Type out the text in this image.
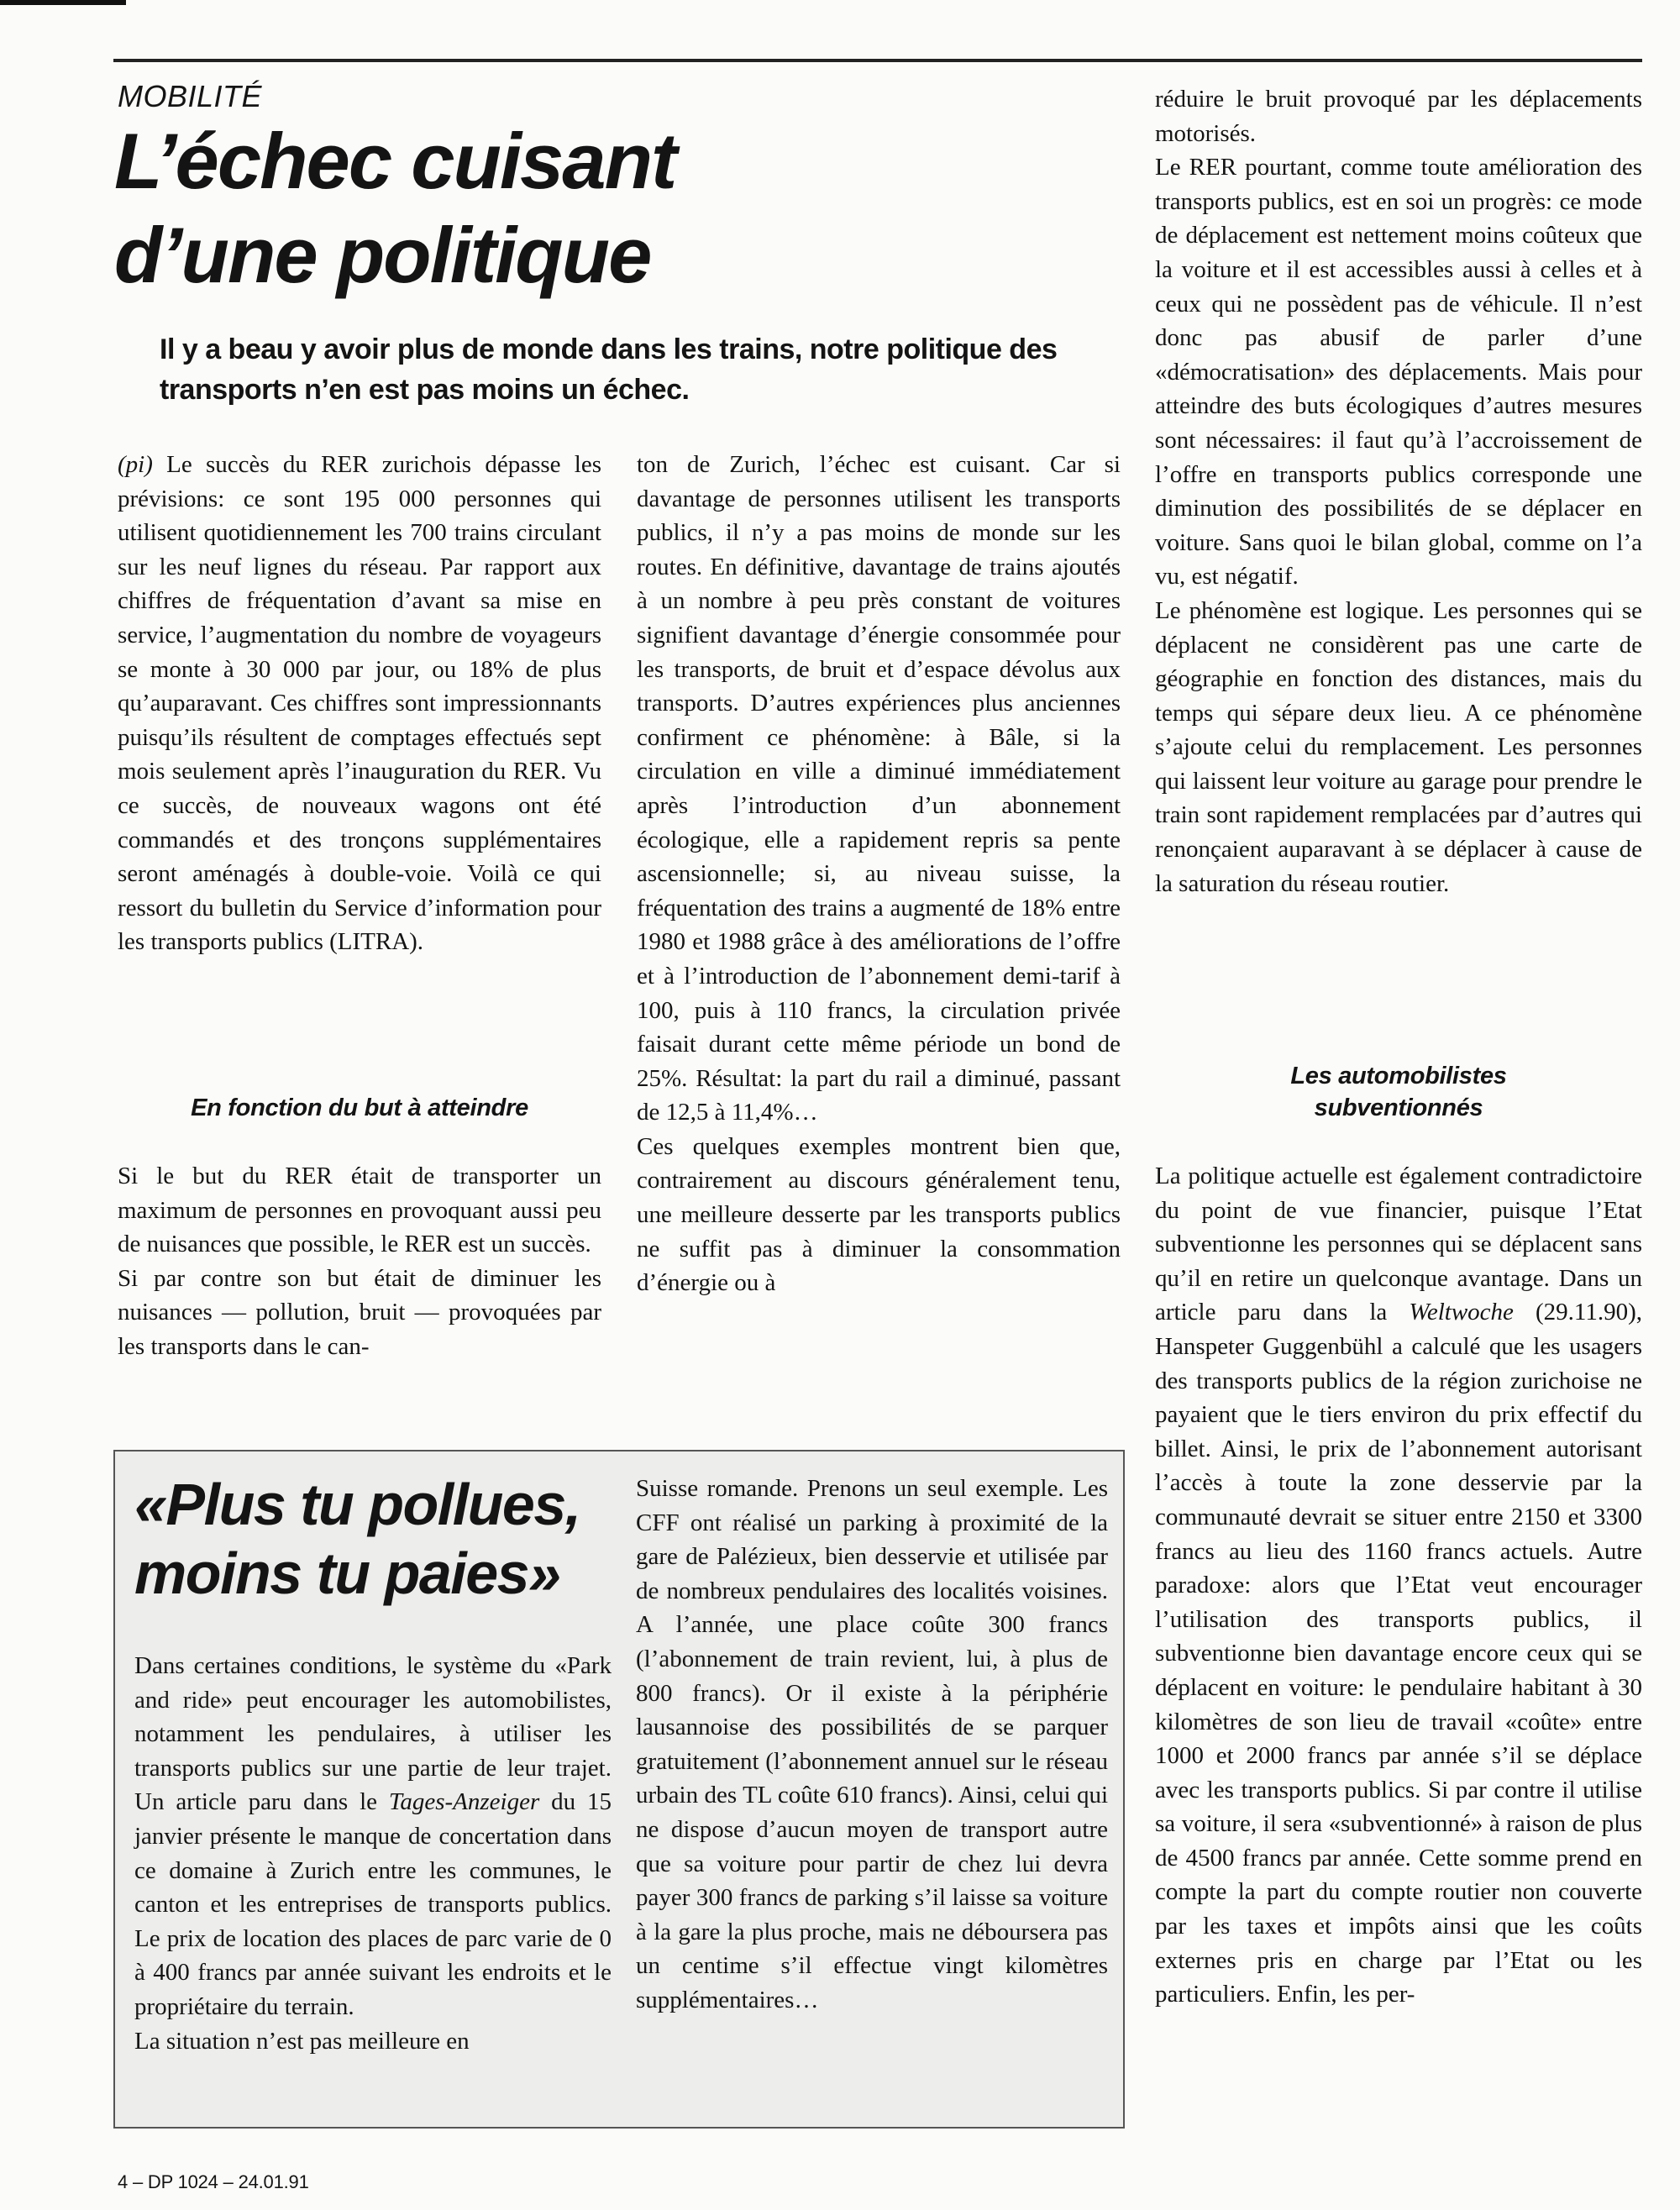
MOBILITÉ
L’échec cuisant
d’une politique
Il y a beau y avoir plus de monde dans les trains, notre politique des transports n’en est pas moins un échec.
(pi) Le succès du RER zurichois dépasse les prévisions: ce sont 195 000 personnes qui utilisent quotidiennement les 700 trains circulant sur les neuf lignes du réseau. Par rapport aux chiffres de fréquentation d’avant sa mise en service, l’augmentation du nombre de voyageurs se monte à 30 000 par jour, ou 18% de plus qu’auparavant. Ces chiffres sont impressionnants puisqu’ils résultent de comptages effectués sept mois seulement après l’inauguration du RER. Vu ce succès, de nouveaux wagons ont été commandés et des tronçons supplémentaires seront aménagés à double-voie. Voilà ce qui ressort du bulletin du Service d’information pour les transports publics (LITRA).
En fonction du but à atteindre
Si le but du RER était de transporter un maximum de personnes en provoquant aussi peu de nuisances que possible, le RER est un succès.
Si par contre son but était de diminuer les nuisances — pollution, bruit — provoquées par les transports dans le can-
ton de Zurich, l’échec est cuisant. Car si davantage de personnes utilisent les transports publics, il n’y a pas moins de monde sur les routes. En définitive, davantage de trains ajoutés à un nombre à peu près constant de voitures signifient davantage d’énergie consommée pour les transports, de bruit et d’espace dévolus aux transports. D’autres expériences plus anciennes confirment ce phénomène: à Bâle, si la circulation en ville a diminué immédiatement après l’introduction d’un abonnement écologique, elle a rapidement repris sa pente ascensionnelle; si, au niveau suisse, la fréquentation des trains a augmenté de 18% entre 1980 et 1988 grâce à des améliorations de l’offre et à l’introduction de l’abonnement demi-tarif à 100, puis à 110 francs, la circulation privée faisait durant cette même période un bond de 25%. Résultat: la part du rail a diminué, passant de 12,5 à 11,4%…
Ces quelques exemples montrent bien que, contrairement au discours généralement tenu, une meilleure desserte par les transports publics ne suffit pas à diminuer la consommation d’énergie ou à
réduire le bruit provoqué par les déplacements motorisés.
Le RER pourtant, comme toute amélioration des transports publics, est en soi un progrès: ce mode de déplacement est nettement moins coûteux que la voiture et il est accessibles aussi à celles et à ceux qui ne possèdent pas de véhicule. Il n’est donc pas abusif de parler d’une «démocratisation» des déplacements. Mais pour atteindre des buts écologiques d’autres mesures sont nécessaires: il faut qu’à l’accroissement de l’offre en transports publics corresponde une diminution des possibilités de se déplacer en voiture. Sans quoi le bilan global, comme on l’a vu, est négatif.
Le phénomène est logique. Les personnes qui se déplacent ne considèrent pas une carte de géographie en fonction des distances, mais du temps qui sépare deux lieu. A ce phénomène s’ajoute celui du remplacement. Les personnes qui laissent leur voiture au garage pour prendre le train sont rapidement remplacées par d’autres qui renonçaient auparavant à se déplacer à cause de la saturation du réseau routier.
Les automobilistes
subventionnés
La politique actuelle est également contradictoire du point de vue financier, puisque l’Etat subventionne les personnes qui se déplacent sans qu’il en retire un quelconque avantage. Dans un article paru dans la Weltwoche (29.11.90), Hanspeter Guggenbühl a calculé que les usagers des transports publics de la région zurichoise ne payaient que le tiers environ du prix effectif du billet. Ainsi, le prix de l’abonnement autorisant l’accès à toute la zone desservie par la communauté devrait se situer entre 2150 et 3300 francs au lieu des 1160 francs actuels. Autre paradoxe: alors que l’Etat veut encourager l’utilisation des transports publics, il subventionne bien davantage encore ceux qui se déplacent en voiture: le pendulaire habitant à 30 kilomètres de son lieu de travail «coûte» entre 1000 et 2000 francs par année s’il se déplace avec les transports publics. Si par contre il utilise sa voiture, il sera «subventionné» à raison de plus de 4500 francs par année. Cette somme prend en compte la part du compte routier non couverte par les taxes et impôts ainsi que les coûts externes pris en charge par l’Etat ou les particuliers. Enfin, les per-
«Plus tu pollues,
moins tu paies»
Dans certaines conditions, le système du «Park and ride» peut encourager les automobilistes, notamment les pendulaires, à utiliser les transports publics sur une partie de leur trajet. Un article paru dans le Tages-Anzeiger du 15 janvier présente le manque de concertation dans ce domaine à Zurich entre les communes, le canton et les entreprises de transports publics. Le prix de location des places de parc varie de 0 à 400 francs par année suivant les endroits et le propriétaire du terrain.
La situation n’est pas meilleure en
Suisse romande. Prenons un seul exemple. Les CFF ont réalisé un parking à proximité de la gare de Palézieux, bien desservie et utilisée par de nombreux pendulaires des localités voisines. A l’année, une place coûte 300 francs (l’abonnement de train revient, lui, à plus de 800 francs). Or il existe à la périphérie lausannoise des possibilités de se parquer gratuitement (l’abonnement annuel sur le réseau urbain des TL coûte 610 francs). Ainsi, celui qui ne dispose d’aucun moyen de transport autre que sa voiture pour partir de chez lui devra payer 300 francs de parking s’il laisse sa voiture à la gare la plus proche, mais ne déboursera pas un centime s’il effectue vingt kilomètres supplémentaires…
4 – DP 1024 – 24.01.91
